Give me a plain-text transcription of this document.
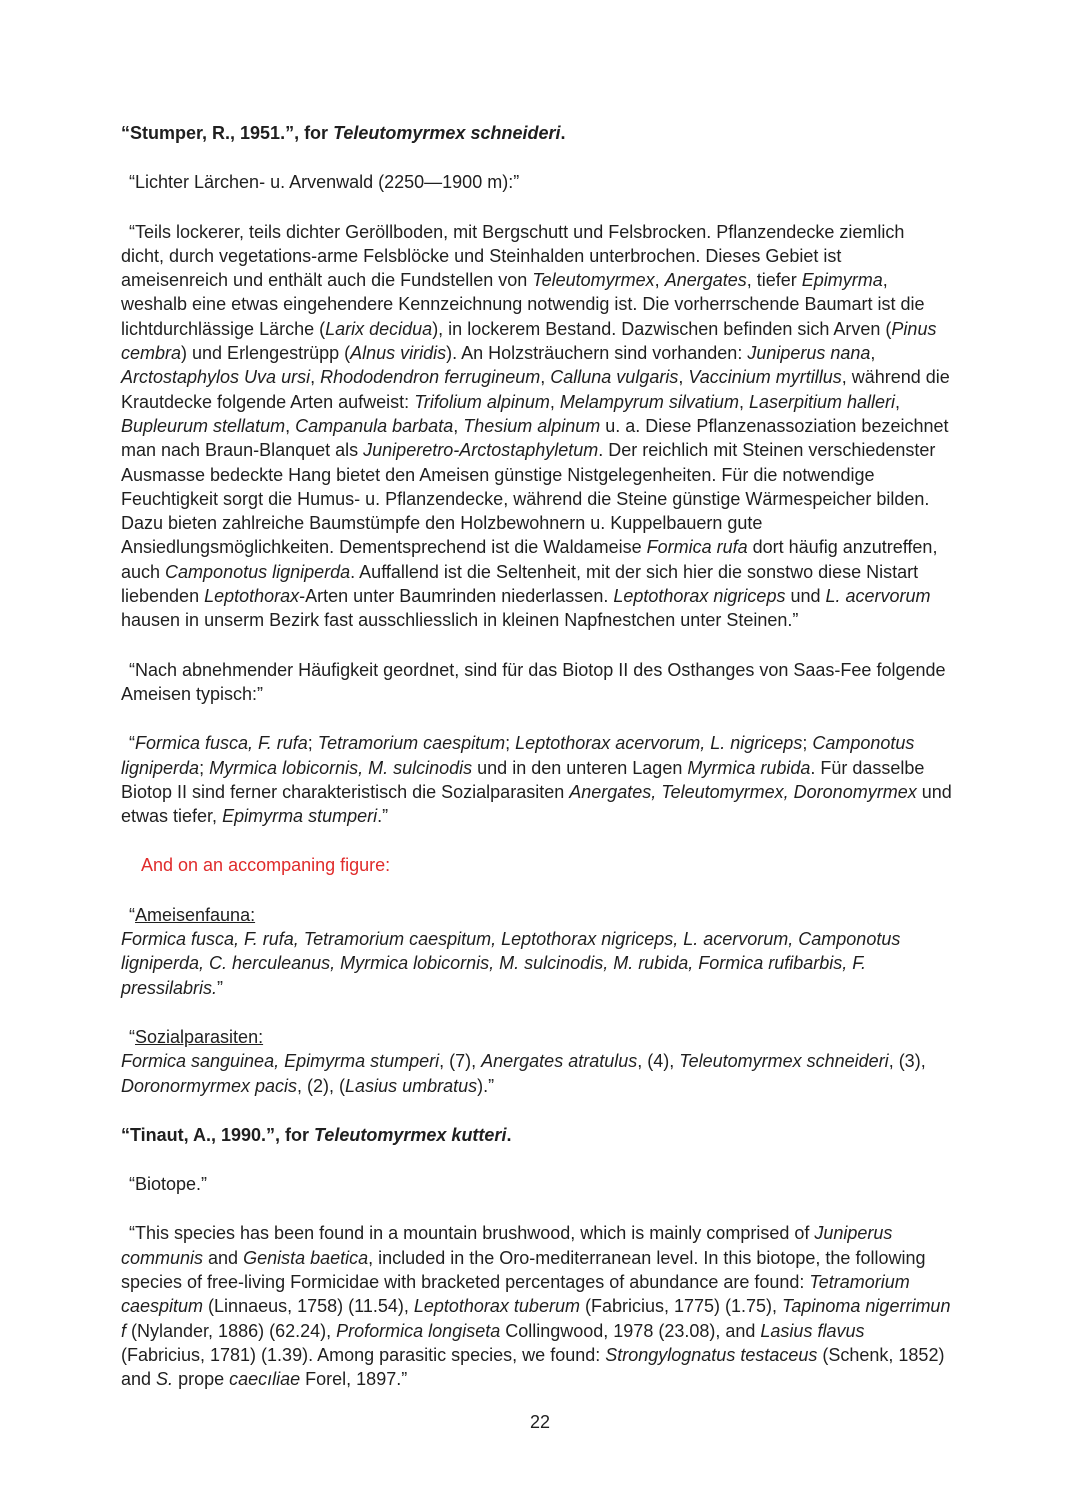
“Stumper, R., 1951.”, for Teleutomyrmex schneideri.

“Lichter Lärchen- u. Arvenwald (2250—1900 m):”

“Teils lockerer, teils dichter Geröllboden, mit Bergschutt und Felsbrocken. Pflanzendecke ziemlich dicht, durch vegetations-arme Felsblöcke und Steinhalden unterbrochen. Dieses Gebiet ist ameisenreich und enthält auch die Fundstellen von Teleutomyrmex, Anergates, tiefer Epimyrma, weshalb eine etwas eingehendere Kennzeichnung notwendig ist. Die vorherrschende Baumart ist die lichtdurchlässige Lärche (Larix decidua), in lockerem Bestand. Dazwischen befinden sich Arven (Pinus cembra) und Erlengestrüpp (Alnus viridis). An Holzsträuchern sind vorhanden: Juniperus nana, Arctostaphylos Uva ursi, Rhododendron ferrugineum, Calluna vulgaris, Vaccinium myrtillus, während die Krautdecke folgende Arten aufweist: Trifolium alpinum, Melampyrum silvatium, Laserpitium halleri, Bupleurum stellatum, Campanula barbata, Thesium alpinum u. a. Diese Pflanzenassoziation bezeichnet man nach Braun-Blanquet als Juniperetro-Arctostaphyletum. Der reichlich mit Steinen verschiedenster Ausmasse bedeckte Hang bietet den Ameisen günstige Nistgelegenheiten. Für die notwendige Feuchtigkeit sorgt die Humus- u. Pflanzendecke, während die Steine günstige Wärmespeicher bilden. Dazu bieten zahlreiche Baumstümpfe den Holzbewohnern u. Kuppelbauern gute Ansiedlungsmöglichkeiten. Dementsprechend ist die Waldameise Formica rufa dort häufig anzutreffen, auch Camponotus ligniperda. Auffallend ist die Seltenheit, mit der sich hier die sonstwo diese Nistart liebenden Leptothorax-Arten unter Baumrinden niederlassen. Leptothorax nigriceps und L. acervorum hausen in unserm Bezirk fast ausschliesslich in kleinen Napfnestchen unter Steinen.”

“Nach abnehmender Häufigkeit geordnet, sind für das Biotop II des Osthanges von Saas-Fee folgende Ameisen typisch:”

“Formica fusca, F. rufa; Tetramorium caespitum; Leptothorax acervorum, L. nigriceps; Camponotus ligniperda; Myrmica lobicornis, M. sulcinodis und in den unteren Lagen Myrmica rubida. Für dasselbe Biotop II sind ferner charakteristisch die Sozialparasiten Anergates, Teleutomyrmex, Doronomyrmex und etwas tiefer, Epimyrma stumperi.”

And on an accompaning figure:

“Ameisenfauna:
Formica fusca, F. rufa, Tetramorium caespitum, Leptothorax nigriceps, L. acervorum, Camponotus ligniperda, C. herculeanus, Myrmica lobicornis, M. sulcinodis, M. rubida, Formica rufibarbis, F. pressilabris.”

“Sozialparasiten:
Formica sanguinea, Epimyrma stumperi, (7), Anergates atratulus, (4), Teleutomyrmex schneideri, (3), Doronormyrmex pacis, (2), (Lasius umbratus).”

“Tinaut, A., 1990.”, for Teleutomyrmex kutteri.

“Biotope.”

“This species has been found in a mountain brushwood, which is mainly comprised of Juniperus communis and Genista baetica, included in the Oro-mediterranean level. In this biotope, the following species of free-living Formicidae with bracketed percentages of abundance are found: Tetramorium caespitum (Linnaeus, 1758) (11.54), Leptothorax tuberum (Fabricius, 1775) (1.75), Tapinoma nigerrimun f (Nylander, 1886) (62.24), Proformica longiseta Collingwood, 1978 (23.08), and Lasius flavus (Fabricius, 1781) (1.39). Among parasitic species, we found: Strongylognatus testaceus (Schenk, 1852) and S. prope caecıliae Forel, 1897.”

22
